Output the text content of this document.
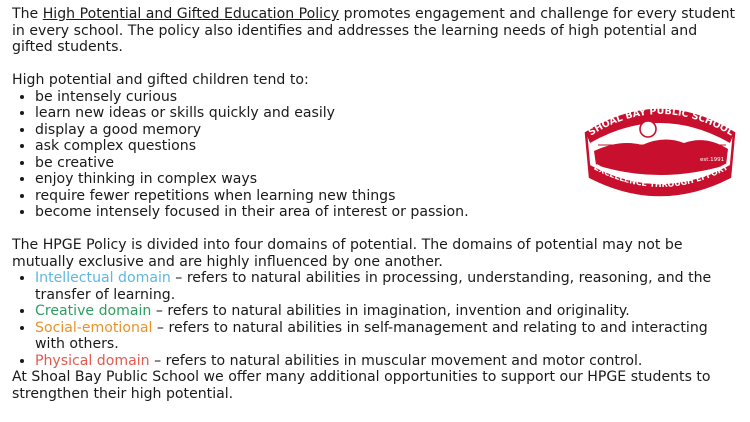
The High Potential and Gifted Education Policy promotes engagement and challenge for every student in every school. The policy also identifies and addresses the learning needs of high potential and gifted students.

High potential and gifted children tend to:

• be intensely curious
• learn new ideas or skills quickly and easily
• display a good memory
• ask complex questions
• be creative
• enjoy thinking in complex ways
• require fewer repetitions when learning new things
• become intensely focused in their area of interest or passion.

The HPGE Policy is divided into four domains of potential. The domains of potential may not be mutually exclusive and are highly influenced by one another.

• Intellectual domain – refers to natural abilities in processing, understanding, reasoning, and the transfer of learning.
• Creative domain – refers to natural abilities in imagination, invention and originality.
• Social-emotional – refers to natural abilities in self-management and relating to and interacting with others.
• Physical domain – refers to natural abilities in muscular movement and motor control.

At Shoal Bay Public School we offer many additional opportunities to support our HPGE students to strengthen their high potential.

SHOAL BAY PUBLIC SCHOOL
est.1991
EXCELLENCE THROUGH EFFORT
